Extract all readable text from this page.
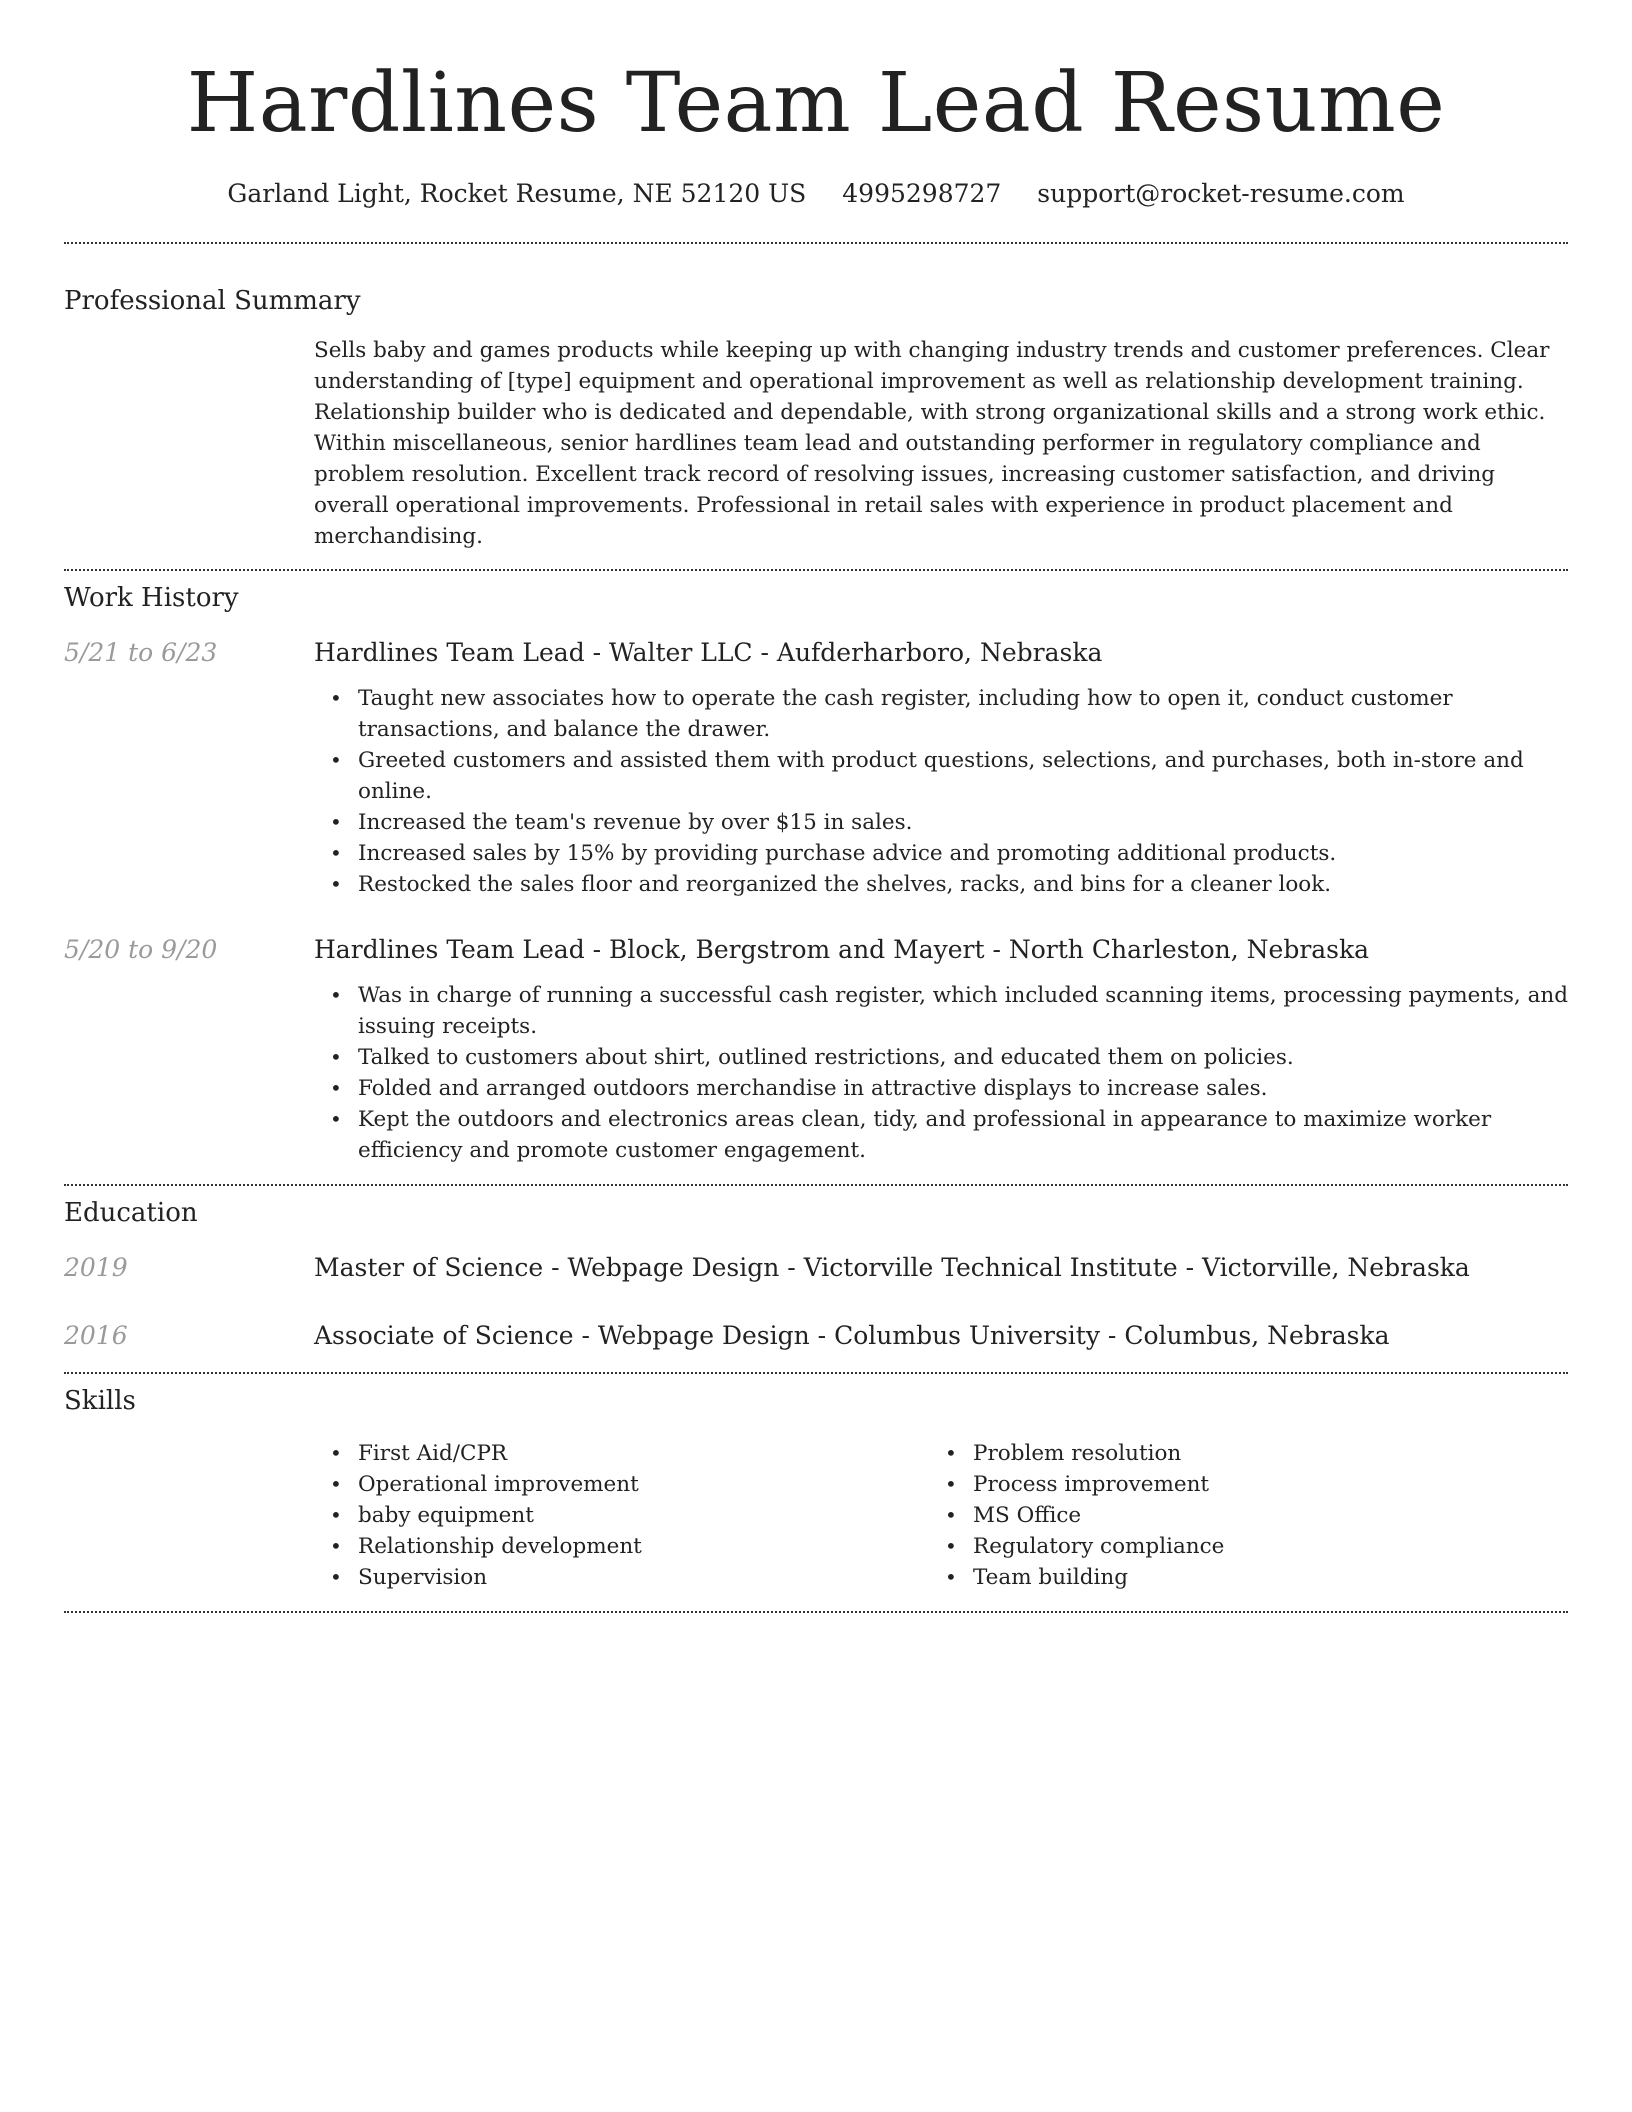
Hardlines Team Lead Resume
Garland Light, Rocket Resume, NE 52120 US 4995298727 support@rocket-resume.com
Professional Summary

Sells baby and games products while keeping up with changing industry trends and customer preferences. Clear understanding of [type] equipment and operational improvement as well as relationship development training. Relationship builder who is dedicated and dependable, with strong organizational skills and a strong work ethic. Within miscellaneous, senior hardlines team lead and outstanding performer in regulatory compliance and problem resolution. Excellent track record of resolving issues, increasing customer satisfaction, and driving overall operational improvements. Professional in retail sales with experience in product placement and merchandising.

Work History
5/21 to 6/23	Hardlines Team Lead - Walter LLC - Aufderharboro, Nebraska
• Taught new associates how to operate the cash register, including how to open it, conduct customer transactions, and balance the drawer.
• Greeted customers and assisted them with product questions, selections, and purchases, both in-store and online.
• Increased the team's revenue by over $15 in sales.
• Increased sales by 15% by providing purchase advice and promoting additional products.
• Restocked the sales floor and reorganized the shelves, racks, and bins for a cleaner look.
5/20 to 9/20	Hardlines Team Lead - Block, Bergstrom and Mayert - North Charleston, Nebraska
• Was in charge of running a successful cash register, which included scanning items, processing payments, and issuing receipts.
• Talked to customers about shirt, outlined restrictions, and educated them on policies.
• Folded and arranged outdoors merchandise in attractive displays to increase sales.
• Kept the outdoors and electronics areas clean, tidy, and professional in appearance to maximize worker efficiency and promote customer engagement.
Education
2019	Master of Science - Webpage Design - Victorville Technical Institute - Victorville, Nebraska
2016	Associate of Science - Webpage Design - Columbus University - Columbus, Nebraska
Skills
• First Aid/CPR
• Operational improvement
• baby equipment
• Relationship development
• Supervision
• Problem resolution
• Process improvement
• MS Office
• Regulatory compliance
• Team building
